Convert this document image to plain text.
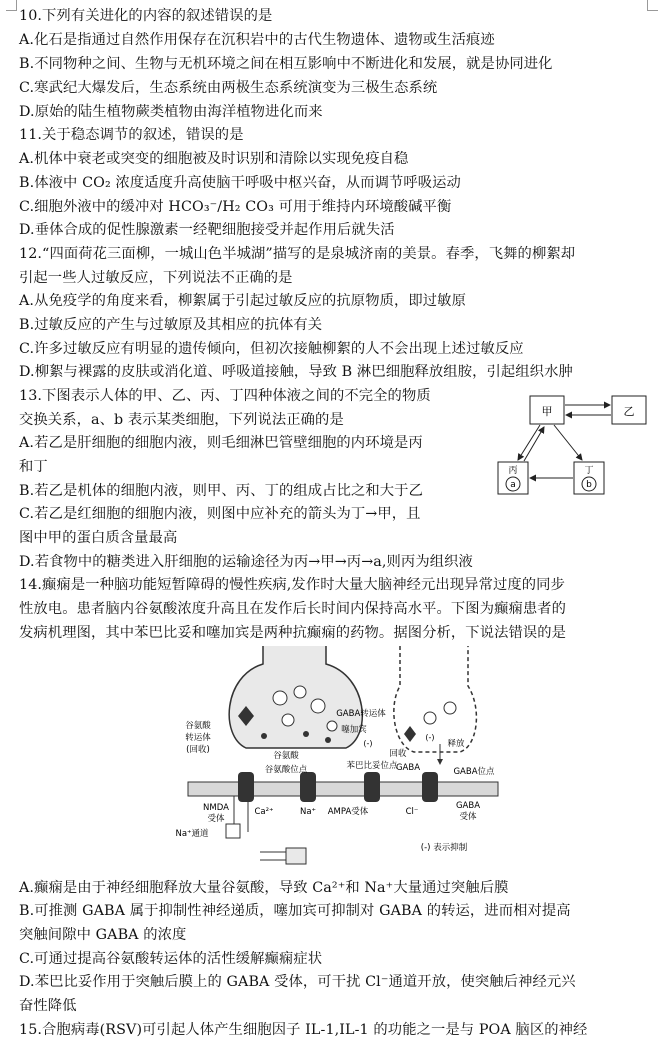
10.下列有关进化的内容的叙述错误的是
A.化石是指通过自然作用保存在沉积岩中的古代生物遗体、遗物或生活痕迹
B.不同物种之间、生物与无机环境之间在相互影响中不断进化和发展，就是协同进化
C.寒武纪大爆发后，生态系统由两极生态系统演变为三极生态系统
D.原始的陆生植物蕨类植物由海洋植物进化而来
11.关于稳态调节的叙述，错误的是
A.机体中衰老或突变的细胞被及时识别和清除以实现免疫自稳
B.体液中 CO₂ 浓度适度升高使脑干呼吸中枢兴奋，从而调节呼吸运动
C.细胞外液中的缓冲对 HCO₃⁻/H₂ CO₃ 可用于维持内环境酸碱平衡
D.垂体合成的促性腺激素一经靶细胞接受并起作用后就失活
12.“四面荷花三面柳，一城山色半城湖”描写的是泉城济南的美景。春季，飞舞的柳絮却
引起一些人过敏反应，下列说法不正确的是
A.从免疫学的角度来看，柳絮属于引起过敏反应的抗原物质，即过敏原
B.过敏反应的产生与过敏原及其相应的抗体有关
C.许多过敏反应有明显的遗传倾向，但初次接触柳絮的人不会出现上述过敏反应
D.柳絮与裸露的皮肤或消化道、呼吸道接触，导致 B 淋巴细胞释放组胺，引起组织水肿
13.下图表示人体的甲、乙、丙、丁四种体液之间的不完全的物质
交换关系，a、b 表示某类细胞，下列说法正确的是
A.若乙是肝细胞的细胞内液，则毛细淋巴管壁细胞的内环境是丙
和丁
B.若乙是机体的细胞内液，则甲、丙、丁的组成占比之和大于乙
C.若乙是红细胞的细胞内液，则图中应补充的箭头为丁→甲，且
图中甲的蛋白质含量最高
D.若食物中的糖类进入肝细胞的运输途径为丙→甲→丙→a,则丙为组织液
14.癫痫是一种脑功能短暂障碍的慢性疾病,发作时大量大脑神经元出现异常过度的同步
性放电。患者脑内谷氨酸浓度升高且在发作后长时间内保持高水平。下图为癫痫患者的
发病机理图，其中苯巴比妥和噻加宾是两种抗癫痫的药物。据图分析，下说法错误的是
A.癫痫是由于神经细胞释放大量谷氨酸，导致 Ca²⁺和 Na⁺大量通过突触后膜
B.可推测 GABA 属于抑制性神经递质，噻加宾可抑制对 GABA 的转运，进而相对提高
突触间隙中 GABA 的浓度
C.可通过提高谷氨酸转运体的活性缓解癫痫症状
D.苯巴比妥作用于突触后膜上的 GABA 受体，可干扰 Cl⁻通道开放，使突触后神经元兴
奋性降低
15.合胞病毒(RSV)可引起人体产生细胞因子 IL-1,IL-1 的功能之一是与 POA 脑区的神经
甲	乙
丙
a
丁
b
谷氨酸
转运体
(回收)
谷氨酸
谷氨酸位点
GABA转运体
噻加宾
(-)
回收
(-)
释放
GABA	GABA位点
苯巴比妥位点
NMDA
受体
Ca²⁺	Na⁺ AMPA受体	Cl⁻
GABA
受体
Na⁺通道
(-) 表示抑制
